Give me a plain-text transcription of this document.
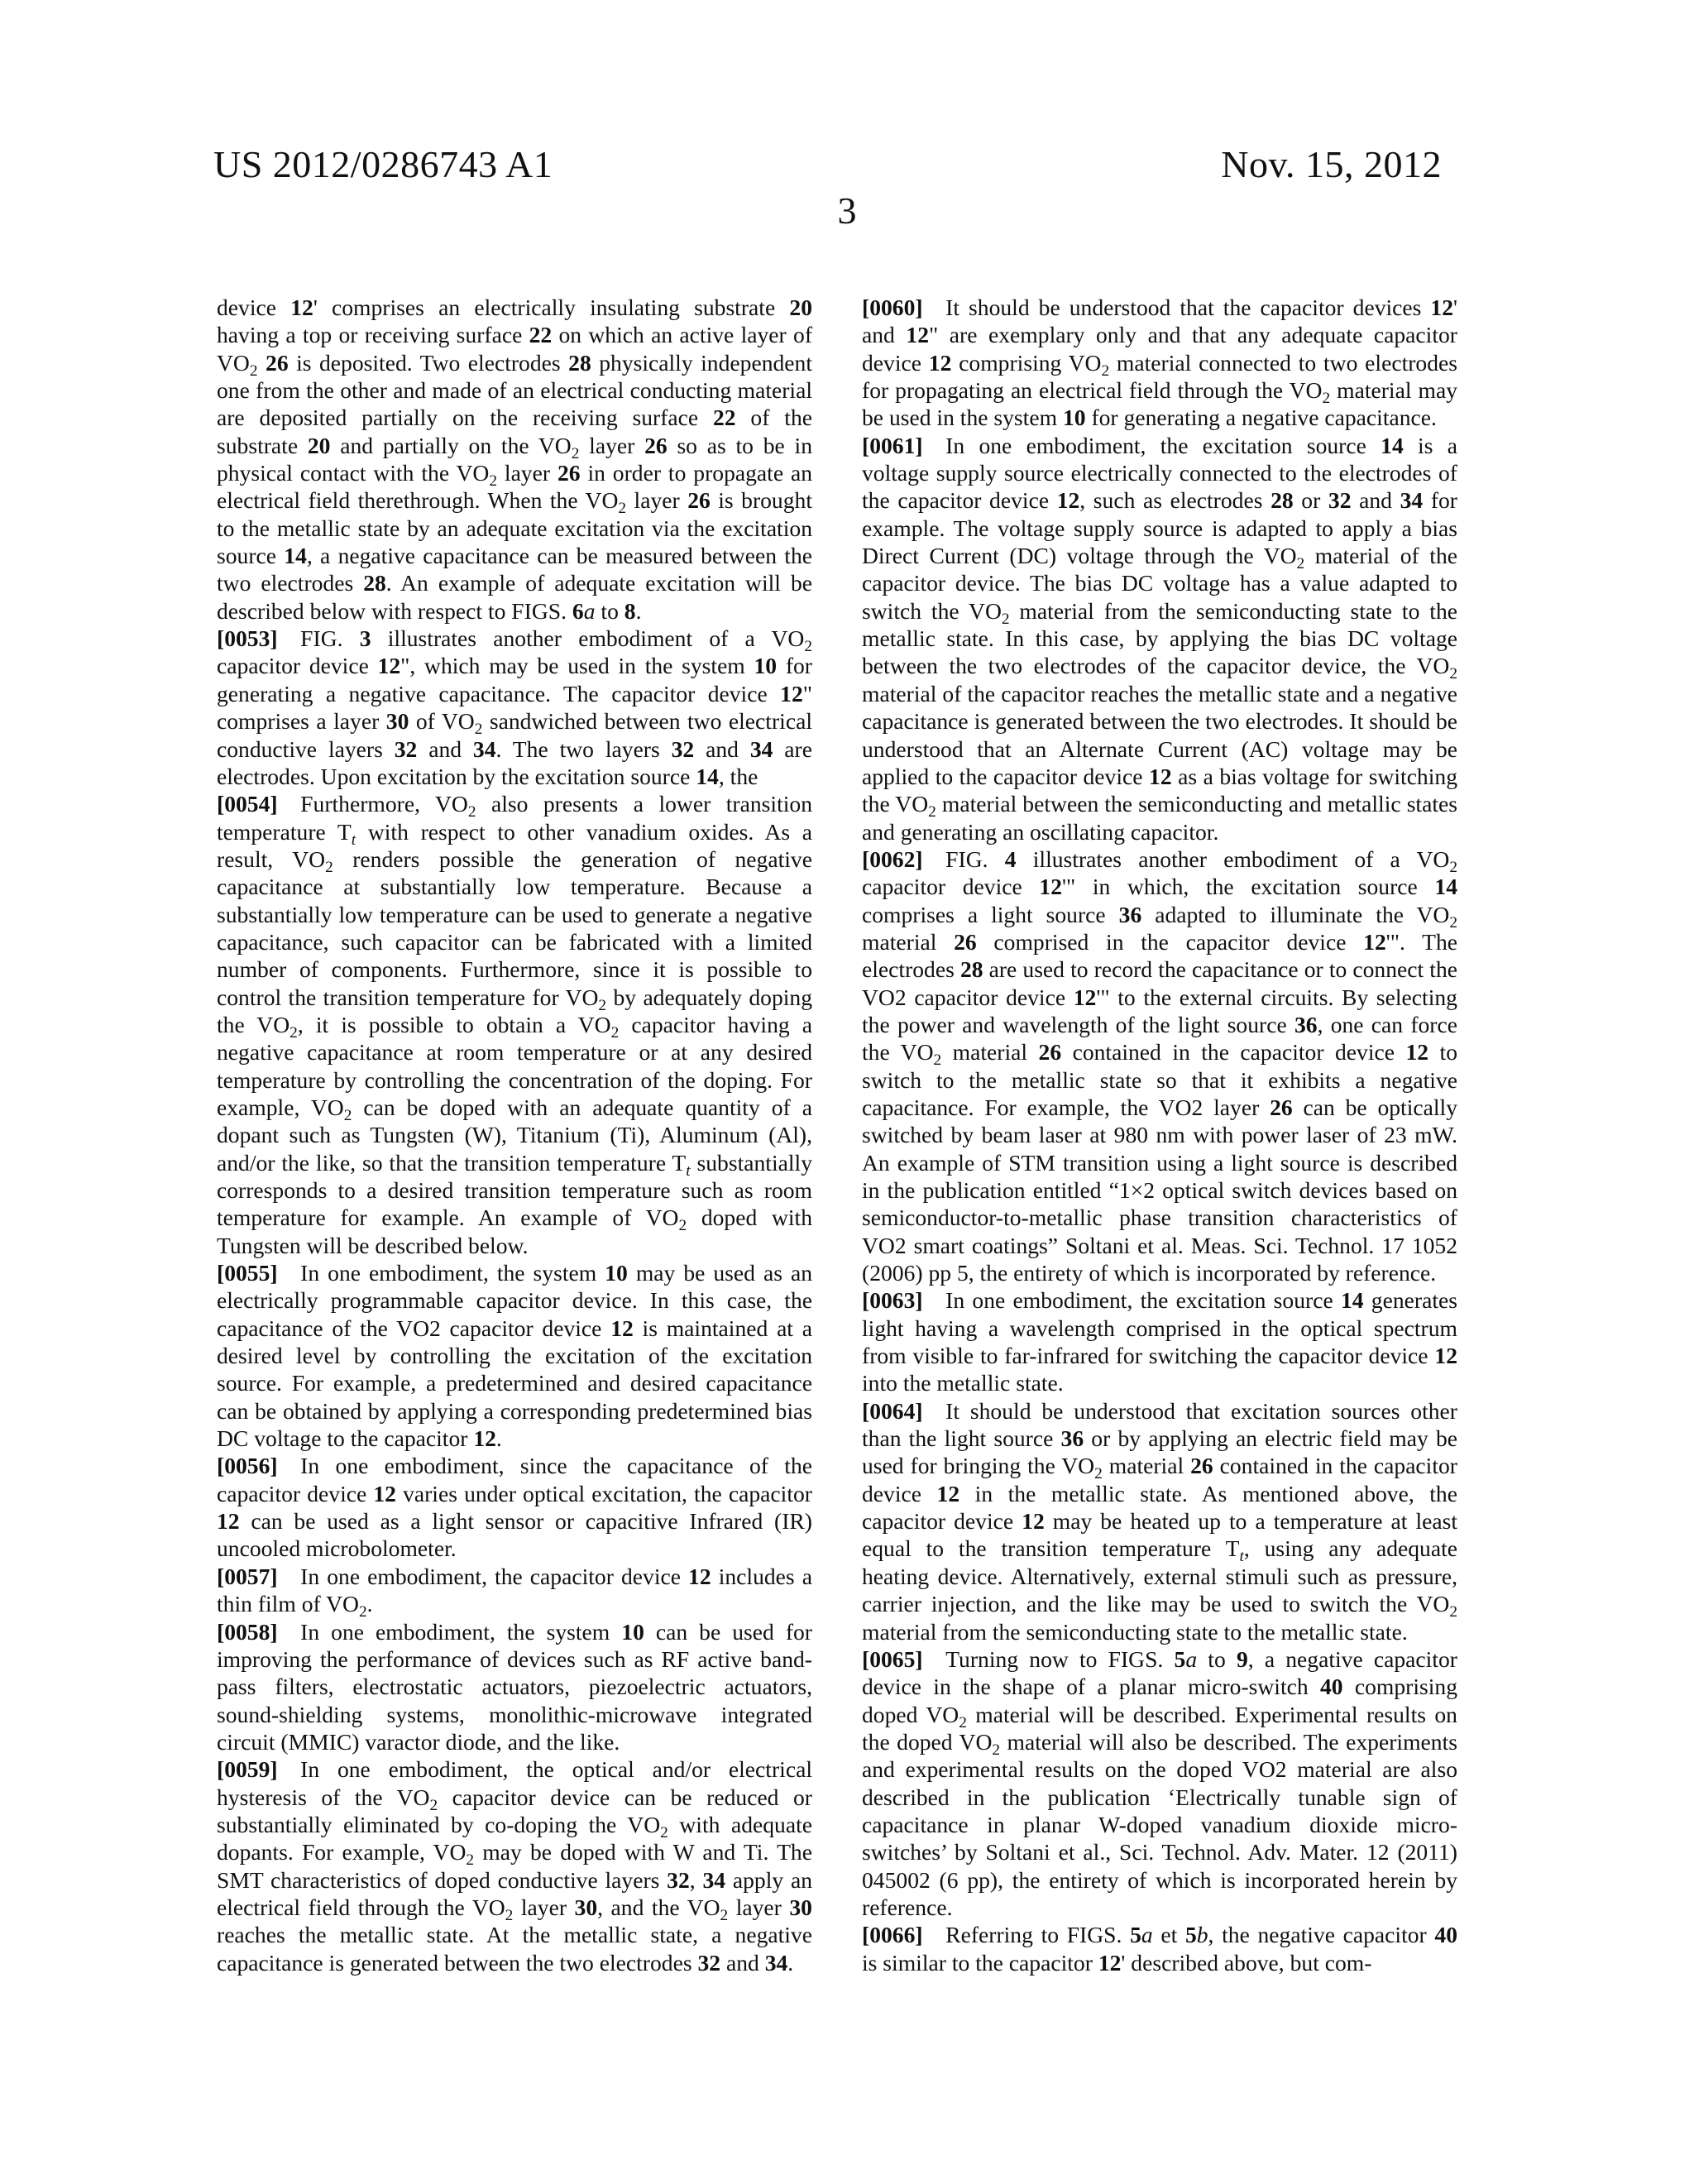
US 2012/0286743 A1	Nov. 15, 2012
3

device 12' comprises an electrically insulating substrate 20 having a top or receiving surface 22 on which an active layer of $VO_2$ 26 is deposited. Two electrodes 28 physically independent one from the other and made of an electrical conducting material are deposited partially on the receiving surface 22 of the substrate 20 and partially on the $VO_2$ layer 26 so as to be in physical contact with the $VO_2$ layer 26 in order to propagate an electrical field therethrough. When the $VO_2$ layer 26 is brought to the metallic state by an adequate excitation via the excitation source 14, a negative capacitance can be measured between the two electrodes 28. An example of adequate excitation will be described below with respect to FIGS. 6a to 8.

[0053]  FIG. 3 illustrates another embodiment of a $VO_2$ capacitor device 12", which may be used in the system 10 for generating a negative capacitance. The capacitor device 12" comprises a layer 30 of $VO_2$ sandwiched between two electrical conductive layers 32 and 34. The two layers 32 and 34 are electrodes. Upon excitation by the excitation source 14, the

[0054]  Furthermore, $VO_2$ also presents a lower transition temperature $T_t$ with respect to other vanadium oxides. As a result, $VO_2$ renders possible the generation of negative capacitance at substantially low temperature. Because a substantially low temperature can be used to generate a negative capacitance, such capacitor can be fabricated with a limited number of components. Furthermore, since it is possible to control the transition temperature for $VO_2$ by adequately doping the $VO_2$, it is possible to obtain a $VO_2$ capacitor having a negative capacitance at room temperature or at any desired temperature by controlling the concentration of the doping. For example, $VO_2$ can be doped with an adequate quantity of a dopant such as Tungsten (W), Titanium (Ti), Aluminum (Al), and/or the like, so that the transition temperature $T_t$ substantially corresponds to a desired transition temperature such as room temperature for example. An example of $VO_2$ doped with Tungsten will be described below.

[0055]  In one embodiment, the system 10 may be used as an electrically programmable capacitor device. In this case, the capacitance of the VO2 capacitor device 12 is maintained at a desired level by controlling the excitation of the excitation source. For example, a predetermined and desired capacitance can be obtained by applying a corresponding predetermined bias DC voltage to the capacitor 12.

[0056]  In one embodiment, since the capacitance of the capacitor device 12 varies under optical excitation, the capacitor 12 can be used as a light sensor or capacitive Infrared (IR) uncooled microbolometer.

[0057]  In one embodiment, the capacitor device 12 includes a thin film of $VO_2$.

[0058]  In one embodiment, the system 10 can be used for improving the performance of devices such as RF active band-pass filters, electrostatic actuators, piezoelectric actuators, sound-shielding systems, monolithic-microwave integrated circuit (MMIC) varactor diode, and the like.

[0059]  In one embodiment, the optical and/or electrical hysteresis of the $VO_2$ capacitor device can be reduced or substantially eliminated by co-doping the $VO_2$ with adequate dopants. For example, $VO_2$ may be doped with W and Ti. The SMT characteristics of doped conductive layers 32, 34 apply an electrical field through the $VO_2$ layer 30, and the $VO_2$ layer 30 reaches the metallic state. At the metallic state, a negative capacitance is generated between the two electrodes 32 and 34.

[0060]  It should be understood that the capacitor devices 12' and 12" are exemplary only and that any adequate capacitor device 12 comprising $VO_2$ material connected to two electrodes for propagating an electrical field through the $VO_2$ material may be used in the system 10 for generating a negative capacitance.

[0061]  In one embodiment, the excitation source 14 is a voltage supply source electrically connected to the electrodes of the capacitor device 12, such as electrodes 28 or 32 and 34 for example. The voltage supply source is adapted to apply a bias Direct Current (DC) voltage through the $VO_2$ material of the capacitor device. The bias DC voltage has a value adapted to switch the $VO_2$ material from the semiconducting state to the metallic state. In this case, by applying the bias DC voltage between the two electrodes of the capacitor device, the $VO_2$ material of the capacitor reaches the metallic state and a negative capacitance is generated between the two electrodes. It should be understood that an Alternate Current (AC) voltage may be applied to the capacitor device 12 as a bias voltage for switching the $VO_2$ material between the semiconducting and metallic states and generating an oscillating capacitor.

[0062]  FIG. 4 illustrates another embodiment of a $VO_2$ capacitor device 12'" in which, the excitation source 14 comprises a light source 36 adapted to illuminate the $VO_2$ material 26 comprised in the capacitor device 12'". The electrodes 28 are used to record the capacitance or to connect the VO2 capacitor device 12'" to the external circuits. By selecting the power and wavelength of the light source 36, one can force the $VO_2$ material 26 contained in the capacitor device 12 to switch to the metallic state so that it exhibits a negative capacitance. For example, the VO2 layer 26 can be optically switched by beam laser at 980 nm with power laser of 23 mW. An example of STM transition using a light source is described in the publication entitled “1×2 optical switch devices based on semiconductor-to-metallic phase transition characteristics of VO2 smart coatings” Soltani et al. Meas. Sci. Technol. 17 1052 (2006) pp 5, the entirety of which is incorporated by reference.

[0063]  In one embodiment, the excitation source 14 generates light having a wavelength comprised in the optical spectrum from visible to far-infrared for switching the capacitor device 12 into the metallic state.

[0064]  It should be understood that excitation sources other than the light source 36 or by applying an electric field may be used for bringing the $VO_2$ material 26 contained in the capacitor device 12 in the metallic state. As mentioned above, the capacitor device 12 may be heated up to a temperature at least equal to the transition temperature $T_t$, using any adequate heating device. Alternatively, external stimuli such as pressure, carrier injection, and the like may be used to switch the $VO_2$ material from the semiconducting state to the metallic state.

[0065]  Turning now to FIGS. 5a to 9, a negative capacitor device in the shape of a planar micro-switch 40 comprising doped $VO_2$ material will be described. Experimental results on the doped $VO_2$ material will also be described. The experiments and experimental results on the doped VO2 material are also described in the publication ‘Electrically tunable sign of capacitance in planar W-doped vanadium dioxide micro-switches’ by Soltani et al., Sci. Technol. Adv. Mater. 12 (2011) 045002 (6 pp), the entirety of which is incorporated herein by reference.

[0066]  Referring to FIGS. 5a et 5b, the negative capacitor 40 is similar to the capacitor 12' described above, but com-
